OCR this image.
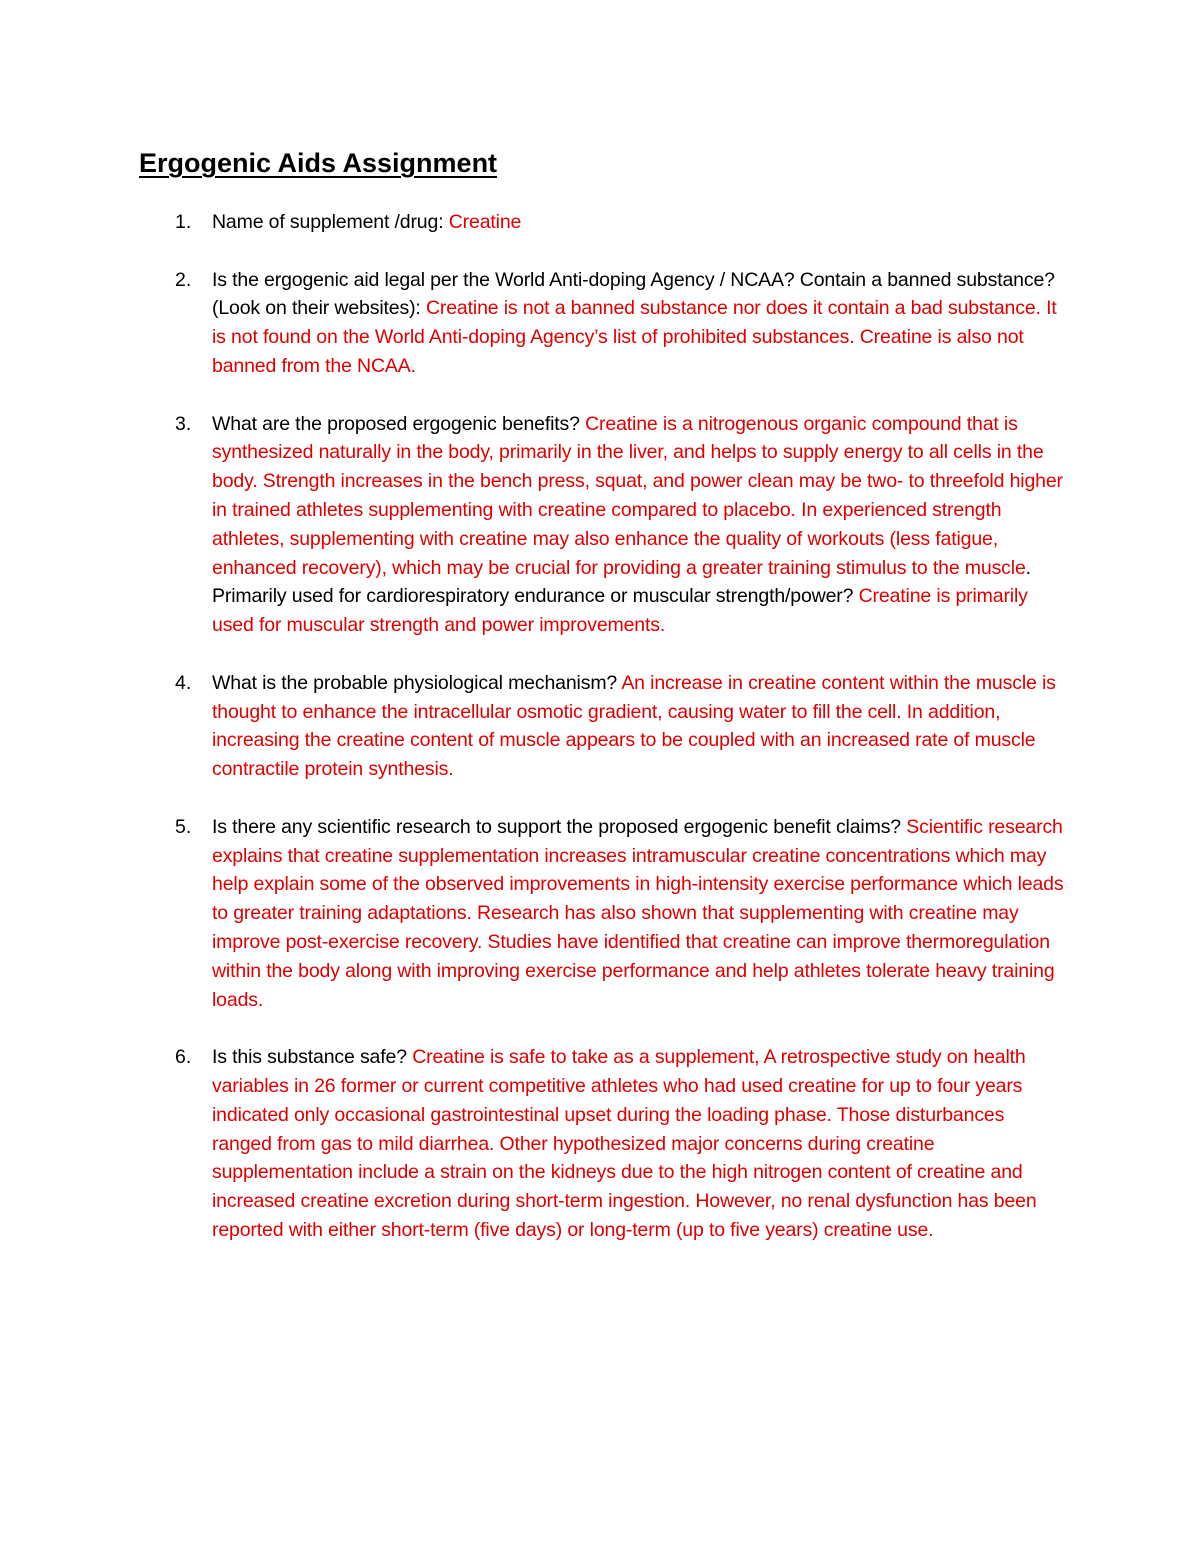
Ergogenic Aids Assignment
1. Name of supplement /drug: Creatine
2. Is the ergogenic aid legal per the World Anti-doping Agency / NCAA? Contain a banned substance? (Look on their websites): Creatine is not a banned substance nor does it contain a bad substance. It is not found on the World Anti-doping Agency’s list of prohibited substances. Creatine is also not banned from the NCAA.
3. What are the proposed ergogenic benefits? Creatine is a nitrogenous organic compound that is synthesized naturally in the body, primarily in the liver, and helps to supply energy to all cells in the body. Strength increases in the bench press, squat, and power clean may be two- to threefold higher in trained athletes supplementing with creatine compared to placebo. In experienced strength athletes, supplementing with creatine may also enhance the quality of workouts (less fatigue, enhanced recovery), which may be crucial for providing a greater training stimulus to the muscle. Primarily used for cardiorespiratory endurance or muscular strength/power? Creatine is primarily used for muscular strength and power improvements.
4. What is the probable physiological mechanism? An increase in creatine content within the muscle is thought to enhance the intracellular osmotic gradient, causing water to fill the cell. In addition, increasing the creatine content of muscle appears to be coupled with an increased rate of muscle contractile protein synthesis.
5. Is there any scientific research to support the proposed ergogenic benefit claims? Scientific research explains that creatine supplementation increases intramuscular creatine concentrations which may help explain some of the observed improvements in high-intensity exercise performance which leads to greater training adaptations. Research has also shown that supplementing with creatine may improve post-exercise recovery. Studies have identified that creatine can improve thermoregulation within the body along with improving exercise performance and help athletes tolerate heavy training loads.
6. Is this substance safe? Creatine is safe to take as a supplement, A retrospective study on health variables in 26 former or current competitive athletes who had used creatine for up to four years indicated only occasional gastrointestinal upset during the loading phase. Those disturbances ranged from gas to mild diarrhea. Other hypothesized major concerns during creatine supplementation include a strain on the kidneys due to the high nitrogen content of creatine and increased creatine excretion during short-term ingestion. However, no renal dysfunction has been reported with either short-term (five days) or long-term (up to five years) creatine use.
